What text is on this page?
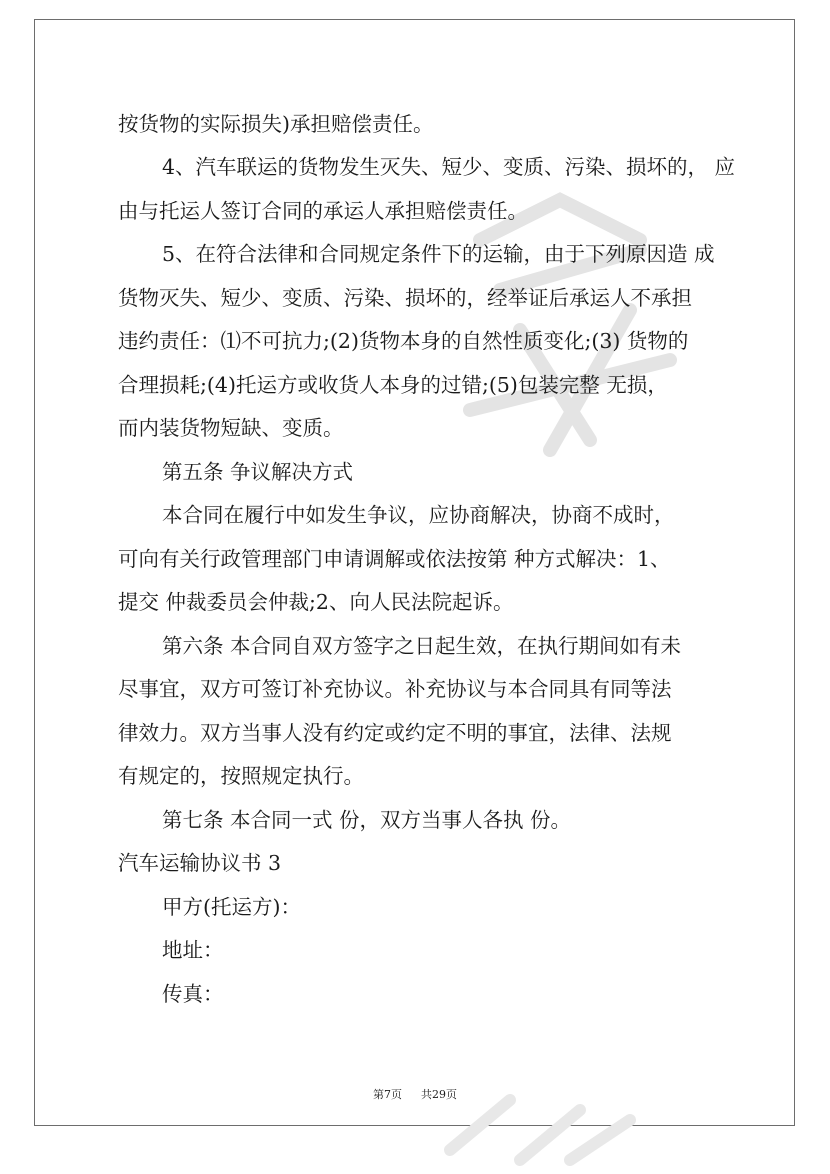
按货物的实际损失)承担赔偿责任。
4、汽车联运的货物发生灭失、短少、变质、污染、损坏的， 应
由与托运人签订合同的承运人承担赔偿责任。
5、在符合法律和合同规定条件下的运输，由于下列原因造 成
货物灭失、短少、变质、污染、损坏的，经举证后承运人不承担
违约责任：⑴不可抗力;(2)货物本身的自然性质变化;(3) 货物的
合理损耗;(4)托运方或收货人本身的过错;(5)包装完整 无损，
而内装货物短缺、变质。
第五条 争议解决方式
本合同在履行中如发生争议，应协商解决，协商不成时，
可向有关行政管理部门申请调解或依法按第 种方式解决：1、
提交 仲裁委员会仲裁;2、向人民法院起诉。
第六条 本合同自双方签字之日起生效，在执行期间如有未
尽事宜，双方可签订补充协议。补充协议与本合同具有同等法
律效力。双方当事人没有约定或约定不明的事宜，法律、法规
有规定的，按照规定执行。
第七条 本合同一式 份，双方当事人各执 份。
汽车运输协议书 3
甲方(托运方)：
地址：
传真：
第7页 共29页
